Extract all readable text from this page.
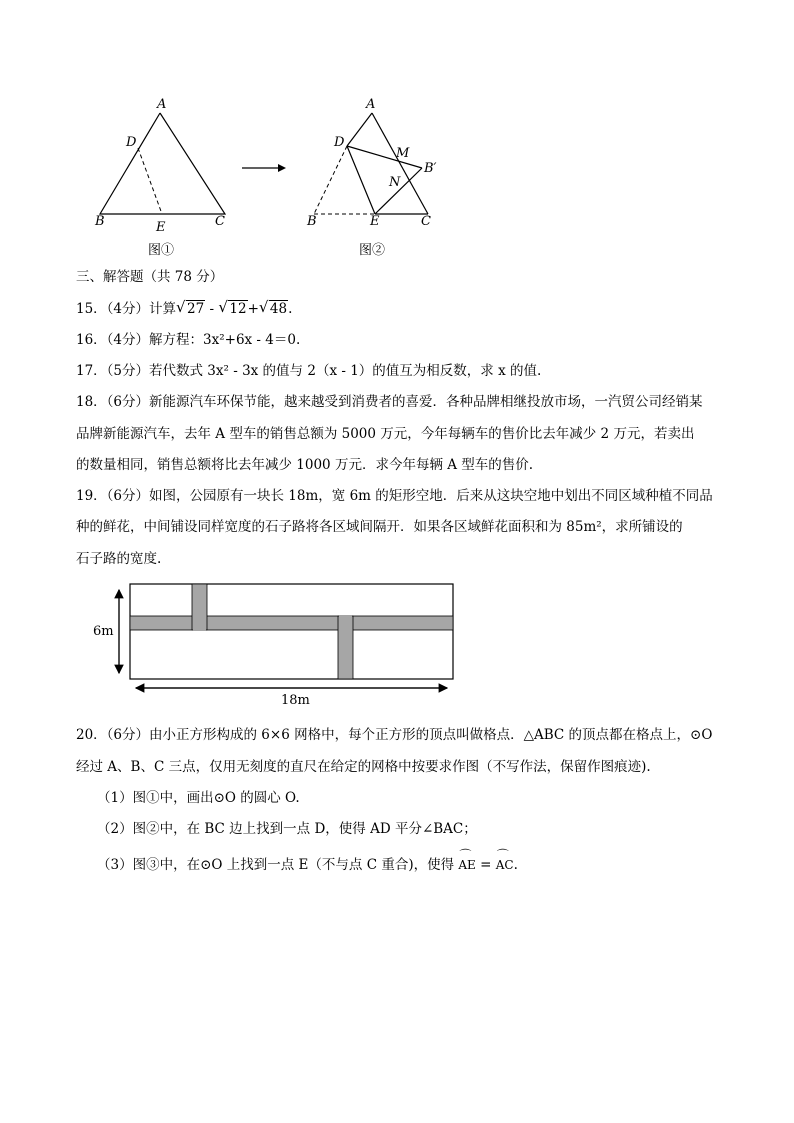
A
D
B	E	C
图①
A
D
M
B′
N
B	E	C
图②
三、解答题（共 78 分）
15．（4分）计算 √ 27 - √ 12+ √ 48.
16．（4分）解方程：3x²+6x - 4＝0.
17．（5分）若代数式 3x² - 3x 的值与 2（x - 1）的值互为相反数，求 x 的值.
18．（6分）新能源汽车环保节能，越来越受到消费者的喜爱．各种品牌相继投放市场，一汽贸公司经销某
品牌新能源汽车，去年 A 型车的销售总额为 5000 万元，今年每辆车的售价比去年减少 2 万元，若卖出
的数量相同，销售总额将比去年减少 1000 万元．求今年每辆 A 型车的售价.
19．（6分）如图，公园原有一块长 18m，宽 6m 的矩形空地．后来从这块空地中划出不同区域种植不同品
种的鲜花，中间铺设同样宽度的石子路将各区域间隔开．如果各区域鲜花面积和为 85m²，求所铺设的
石子路的宽度.
6m
18m
20．（6分）由小正方形构成的 6×6 网格中，每个正方形的顶点叫做格点．△ABC 的顶点都在格点上，⊙O
经过 A、B、C 三点，仅用无刻度的直尺在给定的网格中按要求作图（不写作法，保留作图痕迹).
（1）图①中，画出⊙O 的圆心 O.
（2）图②中，在 BC 边上找到一点 D，使得 AD 平分∠BAC；
（3）图③中，在⊙O 上找到一点 E（不与点 C 重合)，使得 ⌒ AE = ⌒ AC.
